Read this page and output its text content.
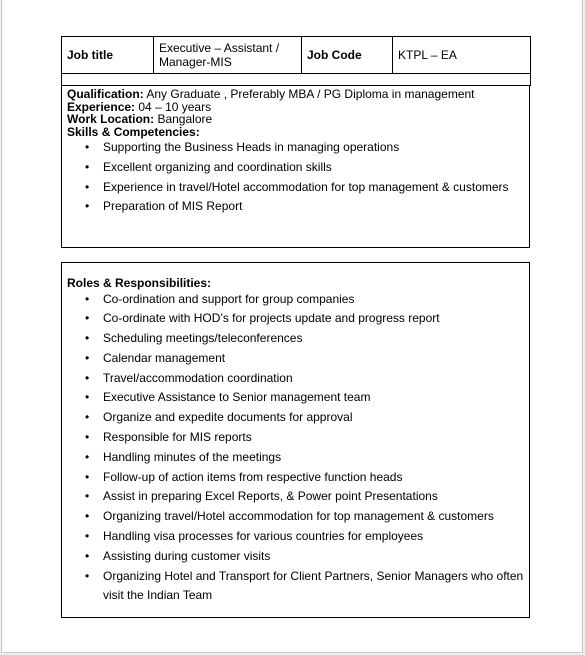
Job title	Executive – Assistant / Manager-MIS	Job Code	KTPL – EA

Qualification: Any Graduate , Preferably MBA / PG Diploma in management
Experience: 04 – 10 years
Work Location: Bangalore
Skills & Competencies:
• Supporting the Business Heads in managing operations
• Excellent organizing and coordination skills
• Experience in travel/Hotel accommodation for top management & customers
• Preparation of MIS Report
Roles & Responsibilities:
• Co-ordination and support for group companies
• Co-ordinate with HOD’s for projects update and progress report
• Scheduling meetings/teleconferences
• Calendar management
• Travel/accommodation coordination
• Executive Assistance to Senior management team
• Organize and expedite documents for approval
• Responsible for MIS reports
• Handling minutes of the meetings
• Follow-up of action items from respective function heads
• Assist in preparing Excel Reports, & Power point Presentations
• Organizing travel/Hotel accommodation for top management & customers
• Handling visa processes for various countries for employees
• Assisting during customer visits
• Organizing Hotel and Transport for Client Partners, Senior Managers who often visit the Indian Team
